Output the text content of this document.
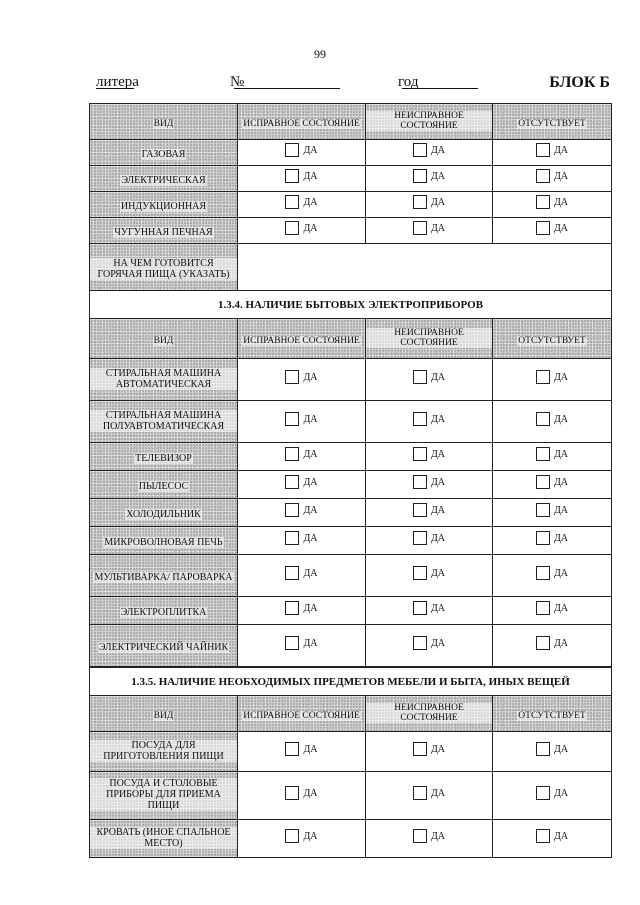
99
литера	№	год	БЛОК Б
ВИД	ИСПРАВНОЕ СОСТОЯНИЕ	НЕИСПРАВНОЕ СОСТОЯНИЕ	ОТСУТСТВУЕТ
ГАЗОВАЯ	ДА	ДА	ДА

ЭЛЕКТРИЧЕСКАЯ	ДА	ДА	ДА

ИНДУКЦИОННАЯ	ДА	ДА	ДА

ЧУГУННАЯ ПЕЧНАЯ	ДА	ДА	ДА

НА ЧЕМ ГОТОВИТСЯ ГОРЯЧАЯ ПИЩА (УКАЗАТЬ)			
1.3.4. НАЛИЧИЕ БЫТОВЫХ ЭЛЕКТРОПРИБОРОВ			
ВИД	ИСПРАВНОЕ СОСТОЯНИЕ	НЕИСПРАВНОЕ СОСТОЯНИЕ	ОТСУТСТВУЕТ
СТИРАЛЬНАЯ МАШИНА АВТОМАТИЧЕСКАЯ	ДА	ДА	ДА

СТИРАЛЬНАЯ МАШИНА ПОЛУАВТОМАТИЧЕСКАЯ	ДА	ДА	ДА

ТЕЛЕВИЗОР	ДА	ДА	ДА

ПЫЛЕСОС	ДА	ДА	ДА

ХОЛОДИЛЬНИК	ДА	ДА	ДА

МИКРОВОЛНОВАЯ ПЕЧЬ	ДА	ДА	ДА

МУЛЬТИВАРКА/ ПАРОВАРКА	ДА	ДА	ДА

ЭЛЕКТРОПЛИТКА	ДА	ДА	ДА

ЭЛЕКТРИЧЕСКИЙ ЧАЙНИК	ДА	ДА	ДА
1.3.5. НАЛИЧИЕ НЕОБХОДИМЫХ ПРЕДМЕТОВ МЕБЕЛИ И БЫТА, ИНЫХ ВЕЩЕЙ			
ВИД	ИСПРАВНОЕ СОСТОЯНИЕ	НЕИСПРАВНОЕ СОСТОЯНИЕ	ОТСУТСТВУЕТ
ПОСУДА ДЛЯ ПРИГОТОВЛЕНИЯ ПИЩИ	ДА	ДА	ДА

ПОСУДА И СТОЛОВЫЕ ПРИБОРЫ ДЛЯ ПРИЕМА ПИЩИ	ДА	ДА	ДА

КРОВАТЬ (ИНОЕ СПАЛЬНОЕ МЕСТО)	ДА	ДА	ДА
